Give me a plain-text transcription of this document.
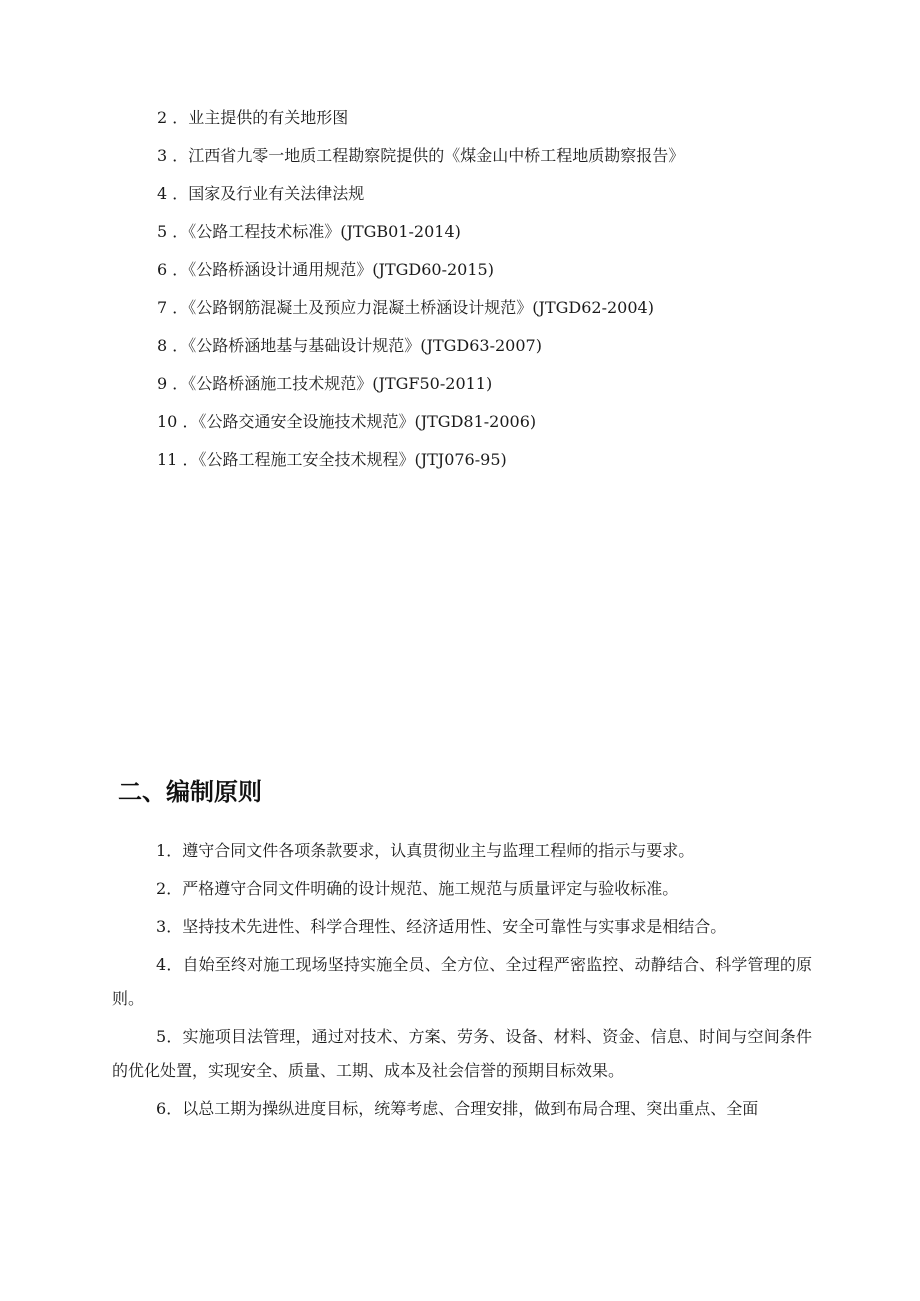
2 ．业主提供的有关地形图
3 ．江西省九零一地质工程勘察院提供的《煤金山中桥工程地质勘察报告》
4 ．国家及行业有关法律法规
5 ．《公路工程技术标准》(JTGB01-2014)
6 ．《公路桥涵设计通用规范》(JTGD60-2015)
7 ．《公路钢筋混凝土及预应力混凝土桥涵设计规范》(JTGD62-2004)
8 ．《公路桥涵地基与基础设计规范》(JTGD63-2007)
9 ．《公路桥涵施工技术规范》(JTGF50-2011)
10 ．《公路交通安全设施技术规范》(JTGD81-2006)
11 ．《公路工程施工安全技术规程》(JTJ076-95)
二、编制原则

1．遵守合同文件各项条款要求，认真贯彻业主与监理工程师的指示与要求。

2．严格遵守合同文件明确的设计规范、施工规范与质量评定与验收标准。

3．坚持技术先进性、科学合理性、经济适用性、安全可靠性与实事求是相结合。

4．自始至终对施工现场坚持实施全员、全方位、全过程严密监控、动静结合、科学管理的原则。

5．实施项目法管理，通过对技术、方案、劳务、设备、材料、资金、信息、时间与空间条件的优化处置，实现安全、质量、工期、成本及社会信誉的预期目标效果。

6．以总工期为操纵进度目标，统筹考虑、合理安排，做到布局合理、突出重点、全面
